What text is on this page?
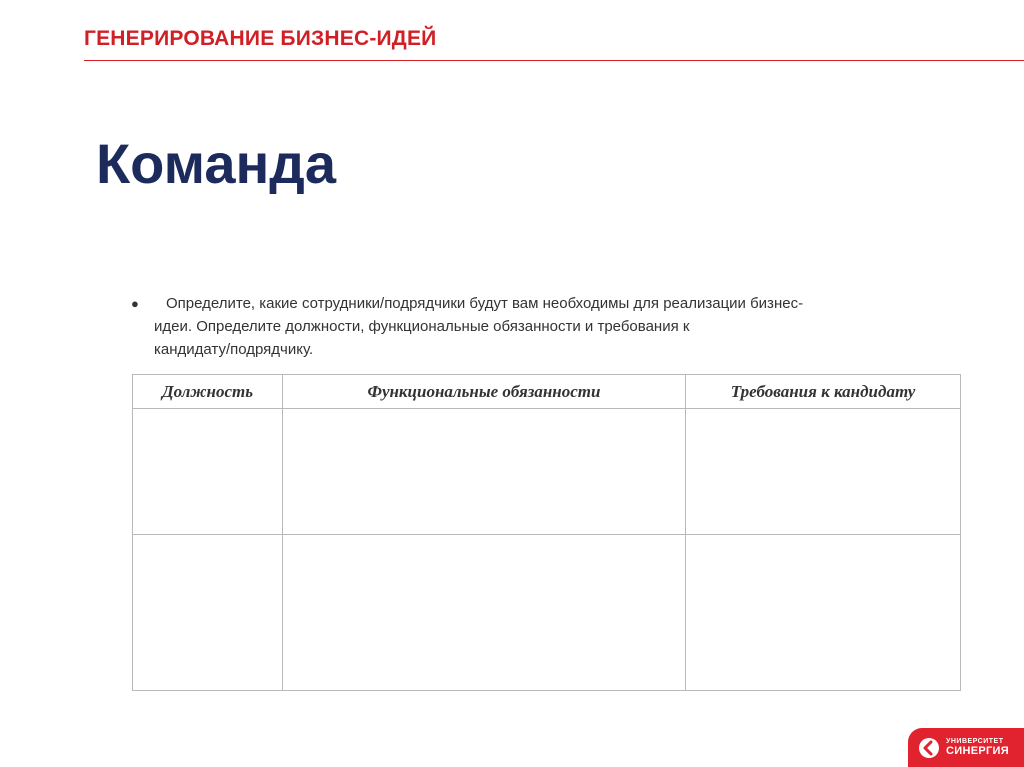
ГЕНЕРИРОВАНИЕ БИЗНЕС-ИДЕЙ
Команда
●	Определите, какие сотрудники/подрядчики будут вам необходимы для реализации бизнес-
идеи. Определите должности, функциональные обязанности и требования к
кандидату/подрядчику.
Должность	Функциональные обязанности	Требования к кандидату

УНИВЕРСИТЕТ
СИНЕРГИЯ
